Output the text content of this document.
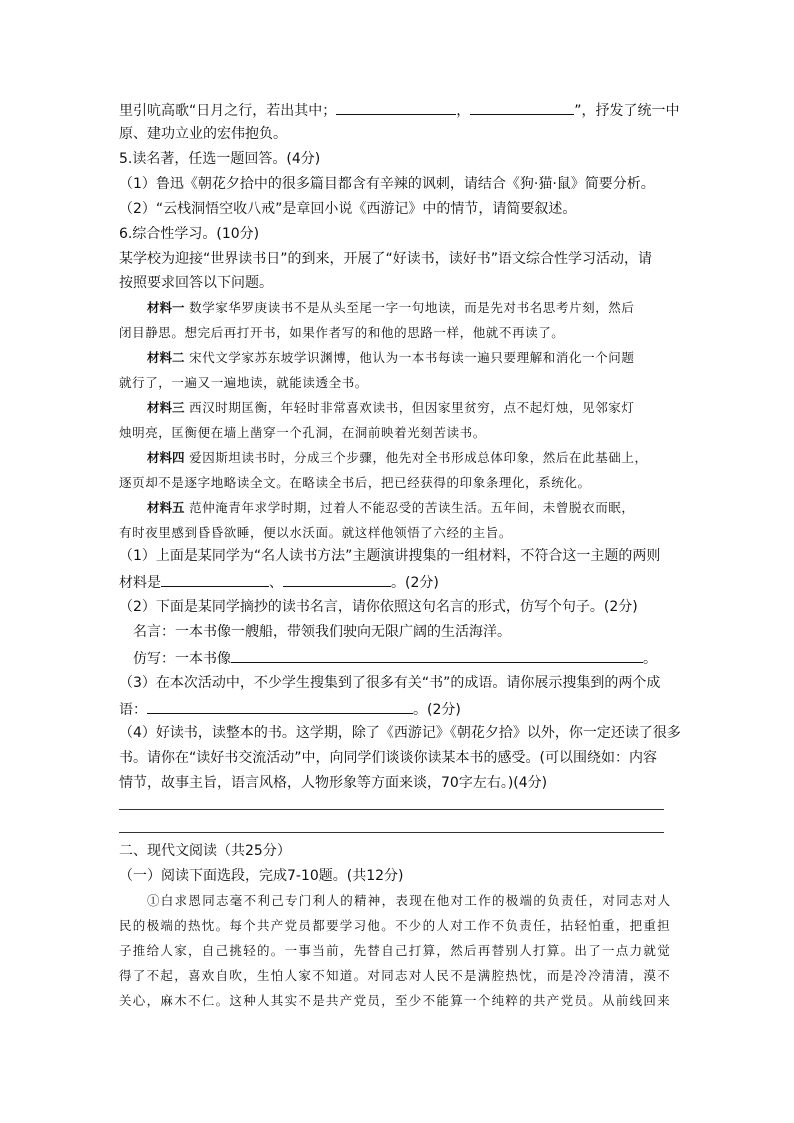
里引吭高歌“日月之行，若出其中；	，	”，抒发了统一中
原、建功立业的宏伟抱负。
5.读名著，任选一题回答。(4分)
（1）鲁迅《朝花夕拾中的很多篇目都含有辛辣的讽刺，请结合《狗·猫·鼠》简要分析。
（2）“云栈洞悟空收八戒”是章回小说《西游记》中的情节，请简要叙述。
6.综合性学习。(10分)
某学校为迎接“世界读书日”的到来，开展了“好读书，读好书”语文综合性学习活动，请
按照要求回答以下问题。
材料一 数学家华罗庚读书不是从头至尾一字一句地读，而是先对书名思考片刻，然后
闭目静思。想完后再打开书，如果作者写的和他的思路一样，他就不再读了。
材料二 宋代文学家苏东坡学识渊博，他认为一本书每读一遍只要理解和消化一个问题
就行了，一遍又一遍地读，就能读透全书。
材料三 西汉时期匡衡，年轻时非常喜欢读书，但因家里贫穷，点不起灯烛，见邻家灯
烛明亮，匡衡便在墙上凿穿一个孔洞，在洞前映着光刻苦读书。
材料四 爱因斯坦读书时，分成三个步骤，他先对全书形成总体印象，然后在此基础上，
逐页却不是逐字地略读全文。在略读全书后，把已经获得的印象条理化，系统化。
材料五 范仲淹青年求学时期，过着人不能忍受的苦读生活。五年间，未曾脱衣而眠，
有时夜里感到昏昏欲睡，便以水沃面。就这样他领悟了六经的主旨。
（1）上面是某同学为“名人读书方法”主题演讲搜集的一组材料，不符合这一主题的两则
材料是	、	。(2分)
（2）下面是某同学摘抄的读书名言，请你依照这句名言的形式，仿写个句子。(2分)
名言：一本书像一艘船，带领我们驶向无限广阔的生活海洋。
仿写：一本书像	。
（3）在本次活动中，不少学生搜集到了很多有关“书”的成语。请你展示搜集到的两个成
语：	。(2分)
（4）好读书，读整本的书。这学期，除了《西游记》《朝花夕拾》以外，你一定还读了很多
书。请你在“读好书交流活动”中，向同学们谈谈你读某本书的感受。(可以围绕如：内容
情节，故事主旨，语言风格，人物形象等方面来谈，70字左右。)(4分)
二、现代文阅读（共25分）
（一）阅读下面选段，完成7-10题。(共12分)
①白求恩同志毫不利己专门利人的精神，表现在他对工作的极端的负责任，对同志对人
民的极端的热忱。每个共产党员都要学习他。不少的人对工作不负责任，拈轻怕重，把重担
子推给人家，自己挑轻的。一事当前，先替自己打算，然后再替别人打算。出了一点力就觉
得了不起，喜欢自吹，生怕人家不知道。对同志对人民不是满腔热忱，而是冷冷清清，漠不
关心，麻木不仁。这种人其实不是共产党员，至少不能算一个纯粹的共产党员。从前线回来
